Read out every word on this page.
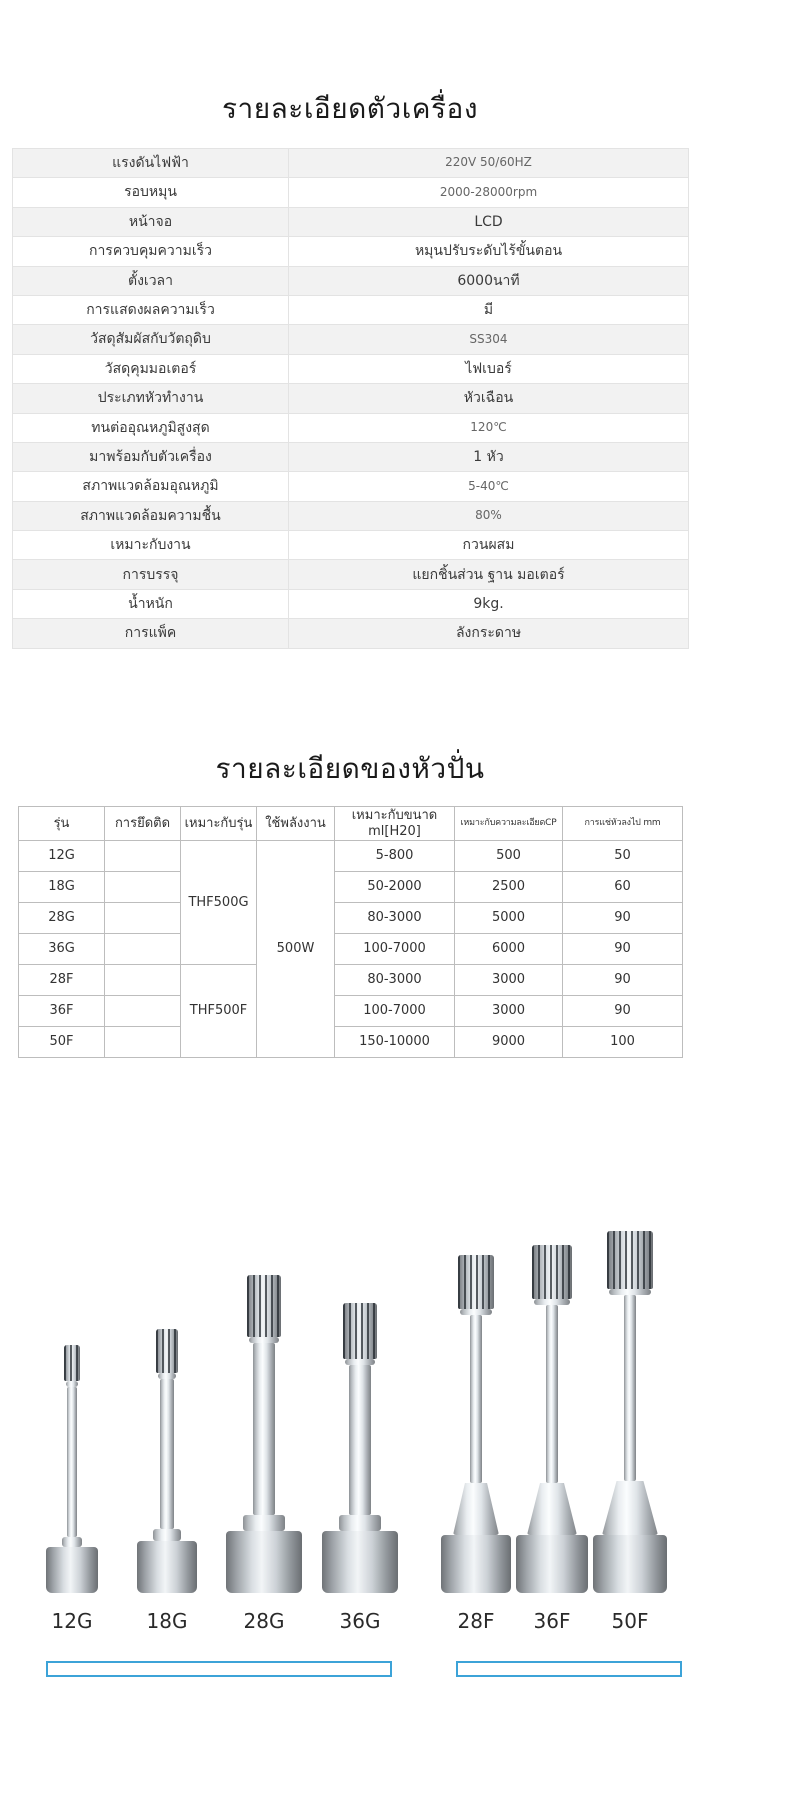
รายละเอียดตัวเครื่อง
แรงดันไฟฟ้า	220V 50/60HZ
รอบหมุน	2000-28000rpm
หน้าจอ	LCD
การควบคุมความเร็ว	หมุนปรับระดับไร้ขั้นตอน
ตั้งเวลา	6000นาที
การแสดงผลความเร็ว	มี
วัสดุสัมผัสกับวัตถุดิบ	SS304
วัสดุคุมมอเตอร์	ไฟเบอร์
ประเภทหัวทำงาน	หัวเฉือน
ทนต่ออุณหภูมิสูงสุด	120℃
มาพร้อมกับตัวเครื่อง	1 หัว
สภาพแวดล้อมอุณหภูมิ	5-40℃
สภาพแวดล้อมความชื้น	80%
เหมาะกับงาน	กวนผสม
การบรรจุ	แยกชิ้นส่วน ฐาน มอเตอร์
น้ำหนัก	9kg.
การแพ็ค	ลังกระดาษ
รายละเอียดของหัวปั่น
รุ่น	การยึดติด	เหมาะกับรุ่น	ใช้พลังงาน	เหมาะกับขนาด ml[H20]	เหมาะกับความละเอียดCP	การแช่หัวลงไป mm
12G		THF500G	500W	5-800	500	50
18G				50-2000	2500	60
28G				80-3000	5000	90
36G				100-7000	6000	90
28F		THF500F		80-3000	3000	90
36F				100-7000	3000	90
50F				150-10000	9000	100
12G	18G	28G	36G	28F	36F	50F
